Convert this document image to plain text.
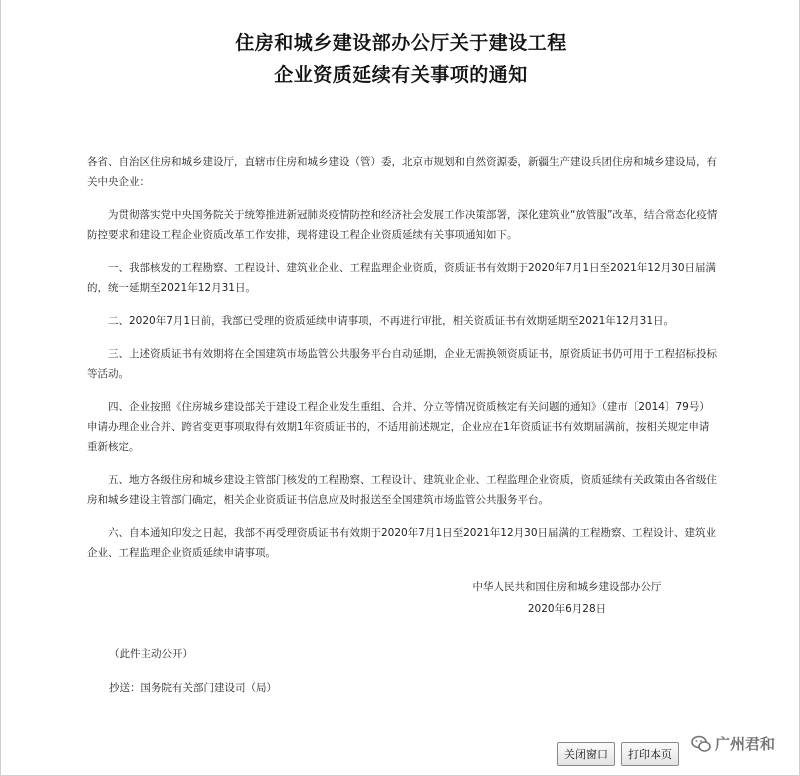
住房和城乡建设部办公厅关于建设工程
企业资质延续有关事项的通知

各省、自治区住房和城乡建设厅，直辖市住房和城乡建设（管）委，北京市规划和自然资源委，新疆生产建设兵团住房和城乡建设局，有关中央企业：

为贯彻落实党中央国务院关于统筹推进新冠肺炎疫情防控和经济社会发展工作决策部署，深化建筑业“放管服”改革，结合常态化疫情防控要求和建设工程企业资质改革工作安排，现将建设工程企业资质延续有关事项通知如下。

一、我部核发的工程勘察、工程设计、建筑业企业、工程监理企业资质，资质证书有效期于2020年7月1日至2021年12月30日届满的，统一延期至2021年12月31日。

二、2020年7月1日前，我部已受理的资质延续申请事项，不再进行审批，相关资质证书有效期延期至2021年12月31日。

三、上述资质证书有效期将在全国建筑市场监管公共服务平台自动延期，企业无需换领资质证书，原资质证书仍可用于工程招标投标等活动。

四、企业按照《住房城乡建设部关于建设工程企业发生重组、合并、分立等情况资质核定有关问题的通知》（建市〔2014〕79号）申请办理企业合并、跨省变更事项取得有效期1年资质证书的，不适用前述规定，企业应在1年资质证书有效期届满前，按相关规定申请重新核定。

五、地方各级住房和城乡建设主管部门核发的工程勘察、工程设计、建筑业企业、工程监理企业资质，资质延续有关政策由各省级住房和城乡建设主管部门确定，相关企业资质证书信息应及时报送至全国建筑市场监管公共服务平台。

六、自本通知印发之日起，我部不再受理资质证书有效期于2020年7月1日至2021年12月30日届满的工程勘察、工程设计、建筑业企业、工程监理企业资质延续申请事项。

中华人民共和国住房和城乡建设部办公厅
2020年6月28日
（此件主动公开）
抄送：国务院有关部门建设司（局）
关闭窗口	打印本页
广州君和
